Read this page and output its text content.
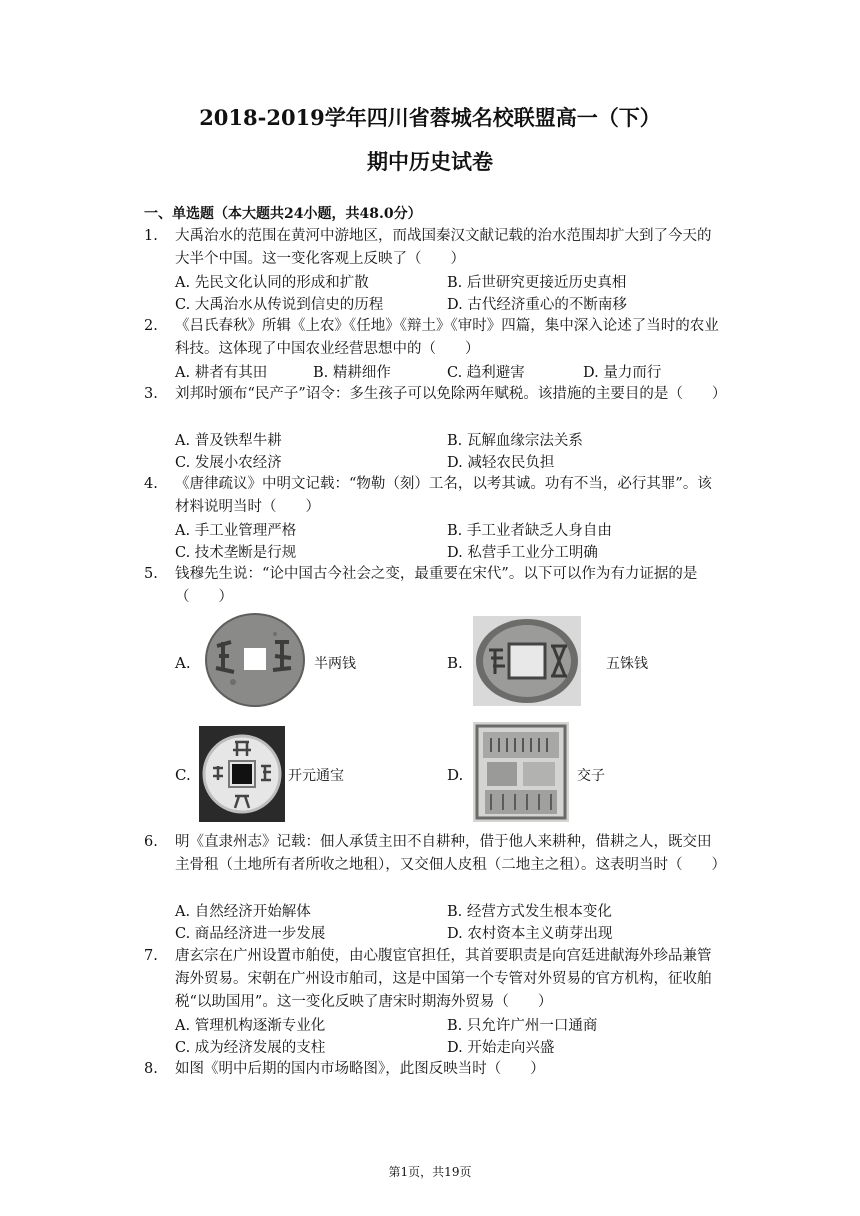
2018-2019学年四川省蓉城名校联盟高一（下）
期中历史试卷
一、单选题（本大题共24小题，共48.0分）
1.	大禹治水的范围在黄河中游地区，而战国秦汉文献记载的治水范围却扩大到了今天的大半个中国。这一变化客观上反映了（　　）
A. 先民文化认同的形成和扩散	B. 后世研究更接近历史真相
C. 大禹治水从传说到信史的历程	D. 古代经济重心的不断南移
2.	《吕氏春秋》所辑《上农》《任地》《辩土》《审时》四篇，集中深入论述了当时的农业科技。这体现了中国农业经营思想中的（　　）
A. 耕者有其田	B. 精耕细作	C. 趋利避害	D. 量力而行
3.	刘邦时颁布“民产子”诏令：多生孩子可以免除两年赋税。该措施的主要目的是（　　）
A. 普及铁犁牛耕	B. 瓦解血缘宗法关系
C. 发展小农经济	D. 减轻农民负担
4.	《唐律疏议》中明文记载：“物勒（刻）工名，以考其诚。功有不当，必行其罪”。该 材料说明当时（　　）
A. 手工业管理严格	B. 手工业者缺乏人身自由
C. 技术垄断是行规	D. 私营手工业分工明确
5.	钱穆先生说：“论中国古今社会之变，最重要在宋代”。以下可以作为有力证据的是（　　）
A.	半两钱	B.	五铢钱
C.	开元通宝	D.	交子
6.	明《直隶州志》记载：佃人承赁主田不自耕种，借于他人来耕种，借耕之人，既交田 主骨租（土地所有者所收之地租），又交佃人皮租（二地主之租）。这表明当时（　　）
A. 自然经济开始解体	B. 经营方式发生根本变化
C. 商品经济进一步发展	D. 农村资本主义萌芽出现
7.	唐玄宗在广州设置市舶使，由心腹宦官担任，其首要职责是向宫廷进献海外珍品兼管 海外贸易。宋朝在广州设市舶司，这是中国第一个专管对外贸易的官方机构，征收舶 税“以助国用”。这一变化反映了唐宋时期海外贸易（　　）
A. 管理机构逐渐专业化	B. 只允许广州一口通商
C. 成为经济发展的支柱	D. 开始走向兴盛
8.	如图《明中后期的国内市场略图》，此图反映当时（　　）
第1页，共19页
